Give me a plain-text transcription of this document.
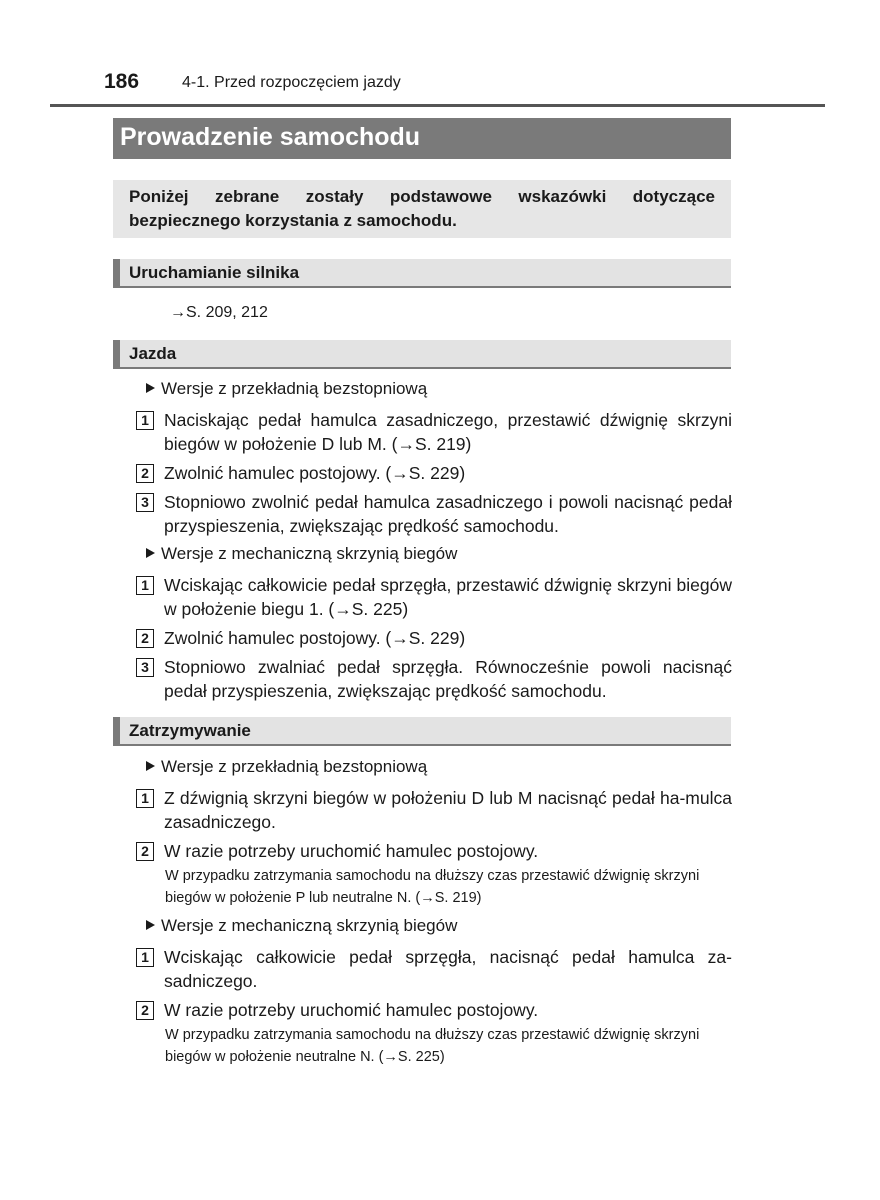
186	4-1. Przed rozpoczęciem jazdy
Prowadzenie samochodu
Poniżej zebrane zostały podstawowe wskazówki dotyczące bezpiecznego korzystania z samochodu.
Uruchamianie silnika
→S. 209, 212
Jazda
Wersje z przekładnią bezstopniową
1 Naciskając pedał hamulca zasadniczego, przestawić dźwignię skrzyni biegów w położenie D lub M. (→S. 219)
2 Zwolnić hamulec postojowy. (→S. 229)
3 Stopniowo zwolnić pedał hamulca zasadniczego i powoli nacisnąć pedał przyspieszenia, zwiększając prędkość samochodu.
Wersje z mechaniczną skrzynią biegów
1 Wciskając całkowicie pedał sprzęgła, przestawić dźwignię skrzyni biegów w położenie biegu 1. (→S. 225)
2 Zwolnić hamulec postojowy. (→S. 229)
3 Stopniowo zwalniać pedał sprzęgła. Równocześnie powoli nacisnąć pedał przyspieszenia, zwiększając prędkość samochodu.
Zatrzymywanie
Wersje z przekładnią bezstopniową
1 Z dźwignią skrzyni biegów w położeniu D lub M nacisnąć pedał ha-mulca zasadniczego.
2 W razie potrzeby uruchomić hamulec postojowy.
W przypadku zatrzymania samochodu na dłuższy czas przestawić dźwignię skrzyni biegów w położenie P lub neutralne N. (→S. 219)
Wersje z mechaniczną skrzynią biegów
1 Wciskając całkowicie pedał sprzęgła, nacisnąć pedał hamulca za-sadniczego.
2 W razie potrzeby uruchomić hamulec postojowy.
W przypadku zatrzymania samochodu na dłuższy czas przestawić dźwignię skrzyni biegów w położenie neutralne N. (→S. 225)
